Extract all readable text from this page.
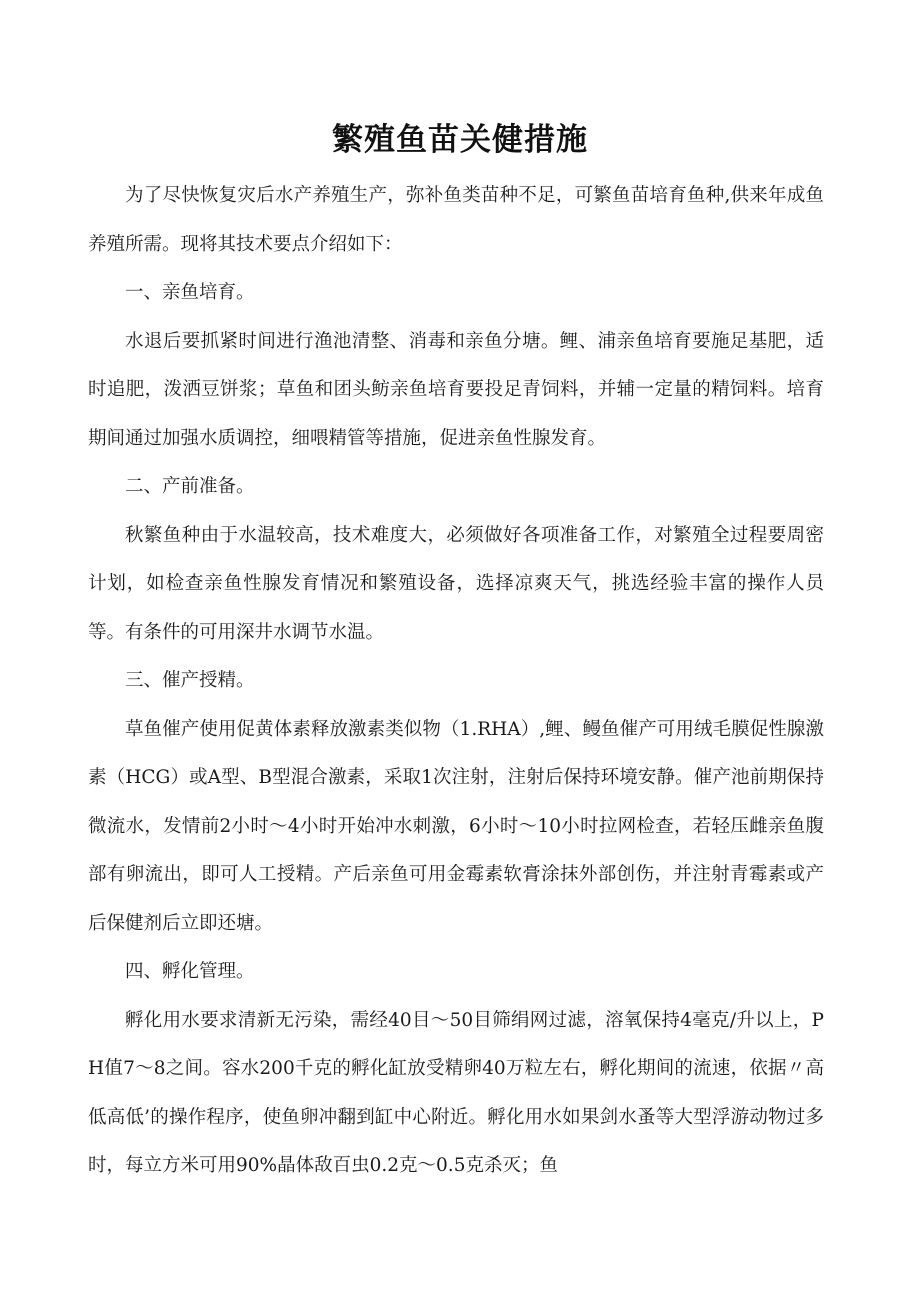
繁殖鱼苗关健措施

为了尽快恢复灾后水产养殖生产，弥补鱼类苗种不足，可繁鱼苗培育鱼种,供来年成鱼养殖所需。现将其技术要点介绍如下：

一、亲鱼培育。

水退后要抓紧时间进行渔池清整、消毒和亲鱼分塘。鲤、浦亲鱼培育要施足基肥，适时追肥，泼洒豆饼浆；草鱼和团头鲂亲鱼培育要投足青饲料，并辅一定量的精饲料。培育期间通过加强水质调控，细喂精管等措施，促进亲鱼性腺发育。

二、产前准备。

秋繁鱼种由于水温较高，技术难度大，必须做好各项准备工作，对繁殖全过程要周密计划，如检查亲鱼性腺发育情况和繁殖设备，选择凉爽天气，挑选经验丰富的操作人员等。有条件的可用深井水调节水温。

三、催产授精。

草鱼催产使用促黄体素释放激素类似物（1.RHA）,鲤、鳗鱼催产可用绒毛膜促性腺激素（HCG）或A型、B型混合激素，采取1次注射，注射后保持环境安静。催产池前期保持微流水，发情前2小时～4小时开始冲水刺激，6小时～10小时拉网检查，若轻压雌亲鱼腹部有卵流出，即可人工授精。产后亲鱼可用金霉素软膏涂抹外部创伤，并注射青霉素或产后保健剂后立即还塘。

四、孵化管理。

孵化用水要求清新无污染，需经40目～50目筛绢网过滤，溶氧保持4毫克/升以上，PH值7～8之间。容水200千克的孵化缸放受精卵40万粒左右，孵化期间的流速，依据〃高低高低’的操作程序，使鱼卵冲翻到缸中心附近。孵化用水如果剑水蚤等大型浮游动物过多时，每立方米可用90%晶体敌百虫0.2克～0.5克杀灭；鱼
